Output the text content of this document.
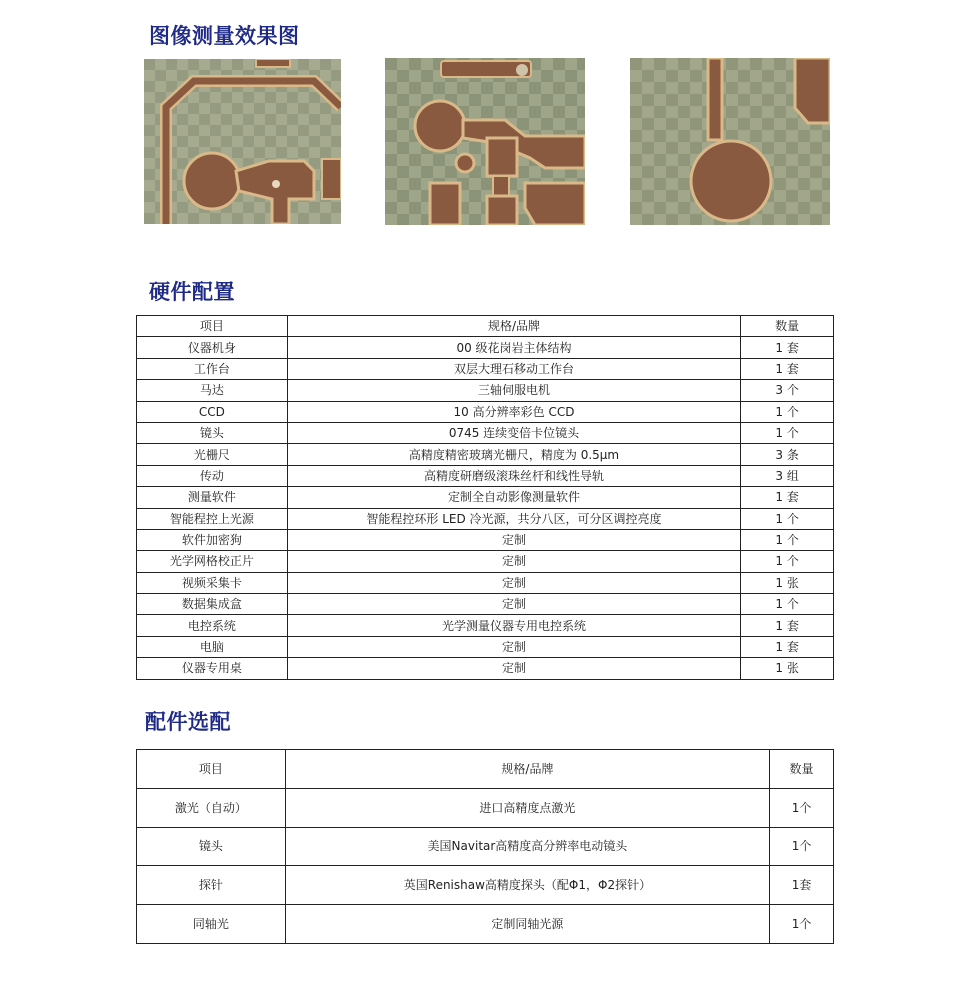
图像测量效果图
硬件配置
项目	规格/品牌	数量
仪器机身	00 级花岗岩主体结构	1 套
工作台	双层大理石移动工作台	1 套
马达	三轴伺服电机	3 个
CCD	10 高分辨率彩色 CCD	1 个
镜头	0745 连续变倍卡位镜头	1 个
光栅尺	高精度精密玻璃光栅尺，精度为 0.5μm	3 条
传动	高精度研磨级滚珠丝杆和线性导轨	3 组
测量软件	定制全自动影像测量软件	1 套
智能程控上光源	智能程控环形 LED 冷光源，共分八区，可分区调控亮度	1 个
软件加密狗	定制	1 个
光学网格校正片	定制	1 个
视频采集卡	定制	1 张
数据集成盒	定制	1 个
电控系统	光学测量仪器专用电控系统	1 套
电脑	定制	1 套
仪器专用桌	定制	1 张
配件选配
项目	规格/品牌	数量
激光（自动）	进口高精度点激光	1个
镜头	美国Navitar高精度高分辨率电动镜头	1个
探针	英国Renishaw高精度探头（配Φ1，Φ2探针）	1套
同轴光	定制同轴光源	1个
